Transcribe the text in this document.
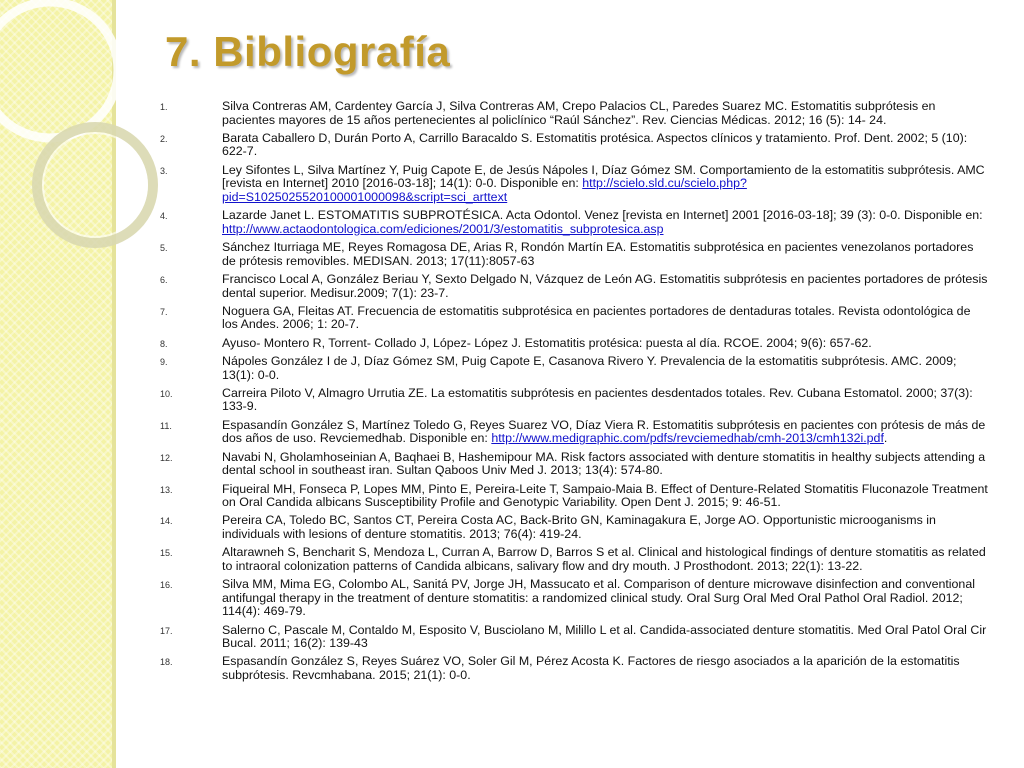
7. Bibliografía
1.	Silva Contreras AM, Cardentey García J, Silva Contreras AM, Crepo Palacios CL, Paredes Suarez MC. Estomatitis subprótesis en pacientes mayores de 15 años pertenecientes al policlínico “Raúl Sánchez”. Rev. Ciencias Médicas. 2012; 16 (5): 14- 24.
2.	Barata Caballero D, Durán Porto A, Carrillo Baracaldo S. Estomatitis protésica. Aspectos clínicos y tratamiento. Prof. Dent. 2002; 5 (10): 622-7.
3.	Ley Sifontes L, Silva Martínez Y, Puig Capote E, de Jesús Nápoles I, Díaz Gómez SM. Comportamiento de la estomatitis subprótesis. AMC [revista en Internet] 2010 [2016-03-18]; 14(1): 0-0. Disponible en: http://scielo.sld.cu/scielo.php?pid=S1025025520100001000098&script=sci_arttext
4.	Lazarde Janet L. ESTOMATITIS SUBPROTÉSICA. Acta Odontol. Venez [revista en Internet] 2001 [2016-03-18]; 39 (3): 0-0. Disponible en: http://www.actaodontologica.com/ediciones/2001/3/estomatitis_subprotesica.asp
5.	Sánchez Iturriaga ME, Reyes Romagosa DE, Arias R, Rondón Martín EA. Estomatitis subprotésica en pacientes venezolanos portadores de prótesis removibles. MEDISAN. 2013; 17(11):8057-63
6.	Francisco Local A, González Beriau Y, Sexto Delgado N, Vázquez de León AG. Estomatitis subprótesis en pacientes portadores de prótesis dental superior. Medisur.2009; 7(1): 23-7.
7.	Noguera GA, Fleitas AT. Frecuencia de estomatitis subprotésica en pacientes portadores de dentaduras totales. Revista odontológica de los Andes. 2006; 1: 20-7.
8.	Ayuso- Montero R, Torrent- Collado J, López- López J. Estomatitis protésica: puesta al día. RCOE. 2004; 9(6): 657-62.
9.	Nápoles González I de J, Díaz Gómez SM, Puig Capote E, Casanova Rivero Y. Prevalencia de la estomatitis subprótesis. AMC. 2009; 13(1): 0-0.
10.	Carreira Piloto V, Almagro Urrutia ZE. La estomatitis subprótesis en pacientes desdentados totales. Rev. Cubana Estomatol. 2000; 37(3): 133-9.
11.	Espasandín González S, Martínez Toledo G, Reyes Suarez VO, Díaz Viera R. Estomatitis subprótesis en pacientes con prótesis de más de dos años de uso. Revciemedhab. Disponible en: http://www.medigraphic.com/pdfs/revciemedhab/cmh-2013/cmh132i.pdf.
12.	Navabi N, Gholamhoseinian A, Baqhaei B, Hashemipour MA. Risk factors associated with denture stomatitis in healthy subjects attending a dental school in southeast iran. Sultan Qaboos Univ Med J. 2013; 13(4): 574-80.
13.	Fiqueiral MH, Fonseca P, Lopes MM, Pinto E, Pereira-Leite T, Sampaio-Maia B. Effect of Denture-Related Stomatitis Fluconazole Treatment on Oral Candida albicans Susceptibility Profile and Genotypic Variability. Open Dent J. 2015; 9: 46-51.
14.	Pereira CA, Toledo BC, Santos CT, Pereira Costa AC, Back-Brito GN, Kaminagakura E, Jorge AO. Opportunistic microoganisms in individuals with lesions of denture stomatitis. 2013; 76(4): 419-24.
15.	Altarawneh S, Bencharit S, Mendoza L, Curran A, Barrow D, Barros S et al. Clinical and histological findings of denture stomatitis as related to intraoral colonization patterns of Candida albicans, salivary flow and dry mouth. J Prosthodont. 2013; 22(1): 13-22.
16.	Silva MM, Mima EG, Colombo AL, Sanitá PV, Jorge JH, Massucato et al. Comparison of denture microwave disinfection and conventional antifungal therapy in the treatment of denture stomatitis: a randomized clinical study. Oral Surg Oral Med Oral Pathol Oral Radiol. 2012; 114(4): 469-79.
17.	Salerno C, Pascale M, Contaldo M, Esposito V, Busciolano M, Milillo L et al. Candida-associated denture stomatitis. Med Oral Patol Oral Cir Bucal. 2011; 16(2): 139-43
18.	Espasandín González S, Reyes Suárez VO, Soler Gil M, Pérez Acosta K. Factores de riesgo asociados a la aparición de la estomatitis subprótesis. Revcmhabana. 2015; 21(1): 0-0.
